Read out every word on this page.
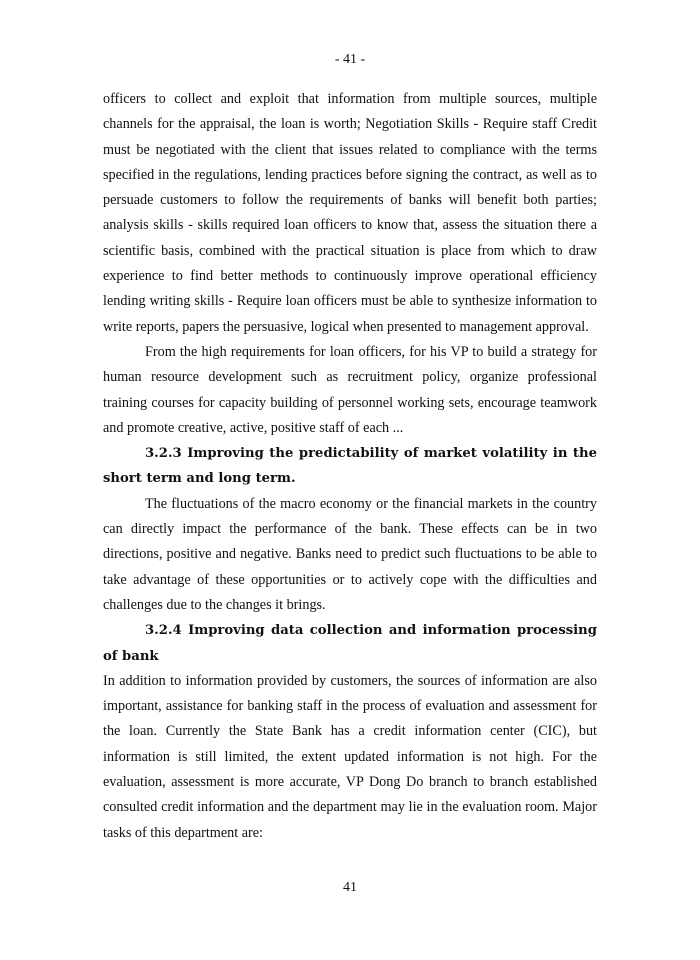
- 41 -

officers to collect and exploit that information from multiple sources, multiple channels for the appraisal, the loan is worth; Negotiation Skills - Require staff Credit must be negotiated with the client that issues related to compliance with the terms specified in the regulations, lending practices before signing the contract, as well as to persuade customers to follow the requirements of banks will benefit both parties; analysis skills - skills required loan officers to know that, assess the situation there a scientific basis, combined with the practical situation is place from which to draw experience to find better methods to continuously improve operational efficiency lending writing skills - Require loan officers must be able to synthesize information to write reports, papers the persuasive, logical when presented to management approval.

From the high requirements for loan officers, for his VP to build a strategy for human resource development such as recruitment policy, organize professional training courses for capacity building of personnel working sets, encourage teamwork and promote creative, active, positive staff of each ...

3.2.3 Improving the predictability of market volatility in the short term and long term.

The fluctuations of the macro economy or the financial markets in the country can directly impact the performance of the bank. These effects can be in two directions, positive and negative. Banks need to predict such fluctuations to be able to take advantage of these opportunities or to actively cope with the difficulties and challenges due to the changes it brings.

3.2.4 Improving data collection and information processing of bank

In addition to information provided by customers, the sources of information are also important, assistance for banking staff in the process of evaluation and assessment for the loan. Currently the State Bank has a credit information center (CIC), but information is still limited, the extent updated information is not high. For the evaluation, assessment is more accurate, VP Dong Do branch to branch established consulted credit information and the department may lie in the evaluation room. Major tasks of this department are:

41
